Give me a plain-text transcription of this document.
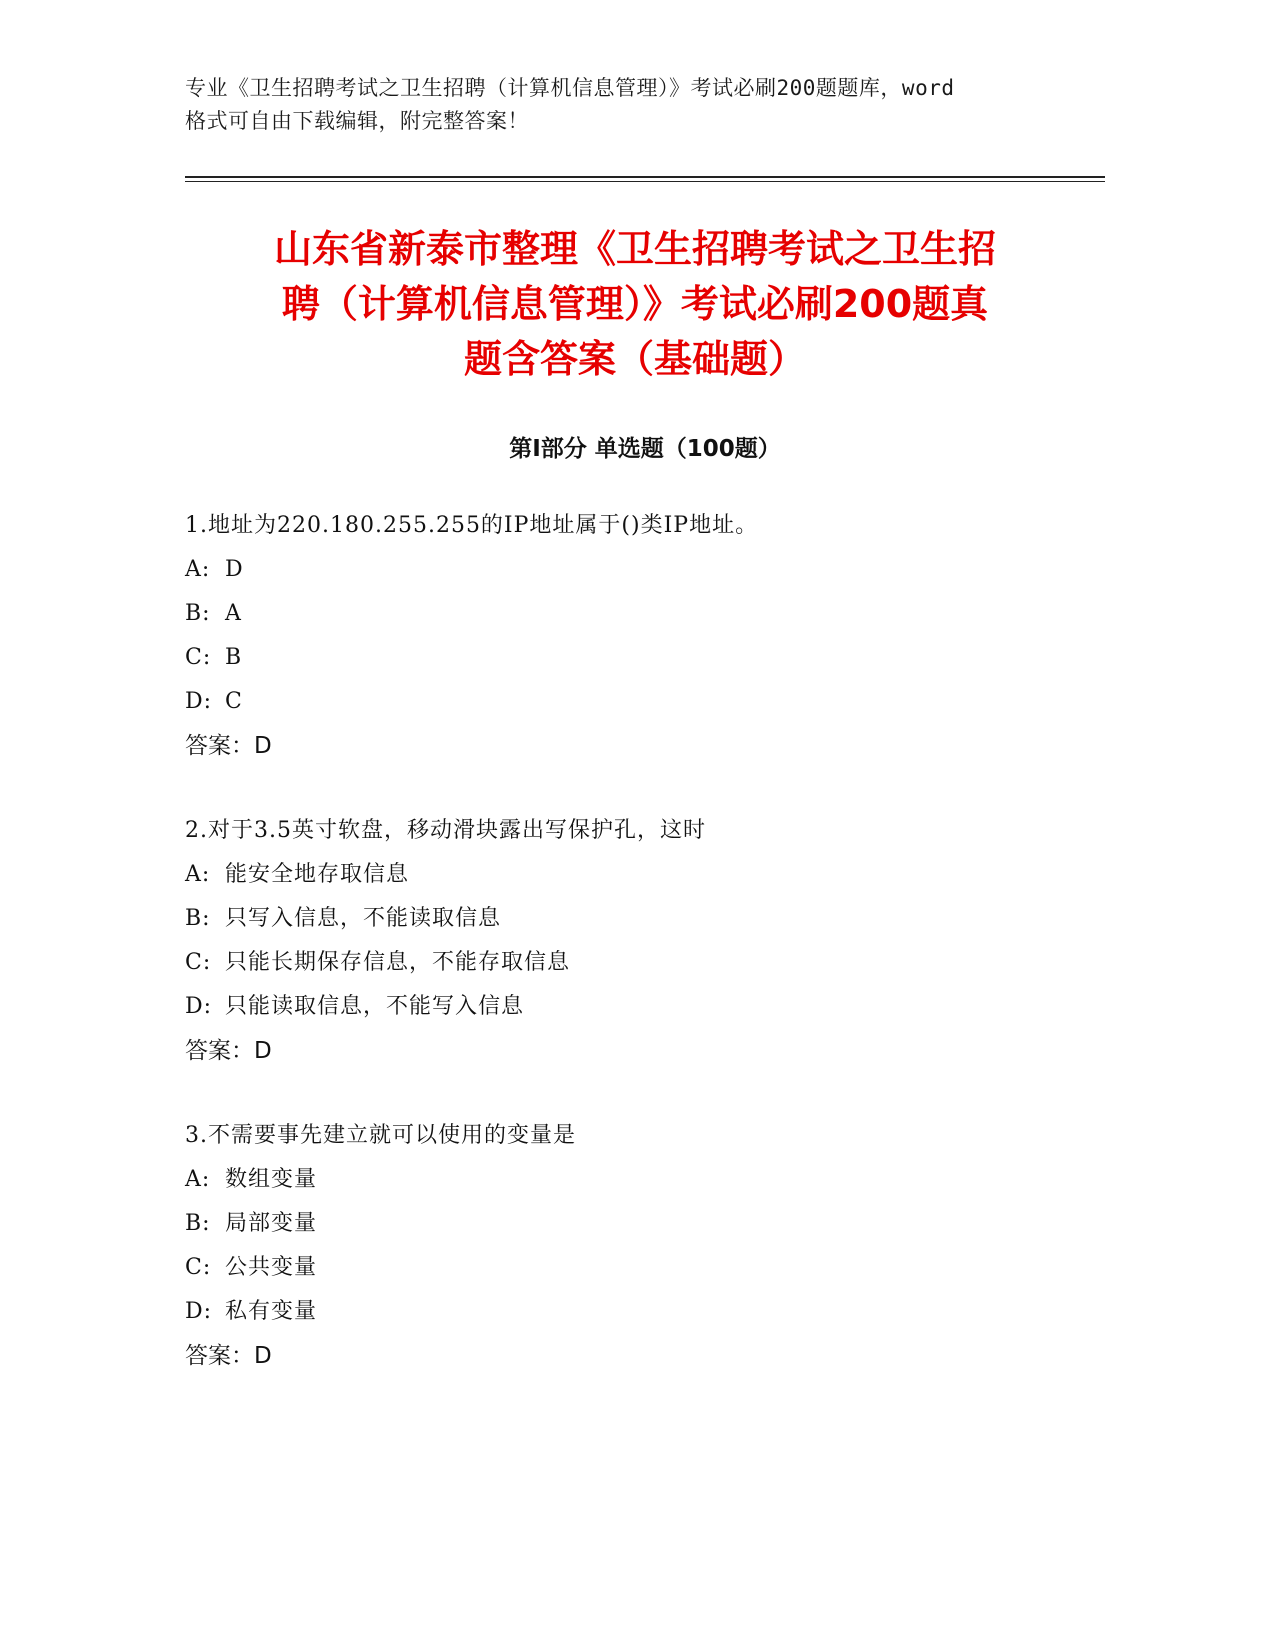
专业《卫生招聘考试之卫生招聘（计算机信息管理）》考试必刷200题题库，word
格式可自由下载编辑，附完整答案！
山东省新泰市整理《卫生招聘考试之卫生招
聘（计算机信息管理）》考试必刷200题真
题含答案（基础题）
第Ⅰ部分 单选题（100题）
1.地址为220.180.255.255的IP地址属于()类IP地址。
A: D
B: A
C: B
D: C
答案：D
2.对于3.5英寸软盘，移动滑块露出写保护孔，这时
A: 能安全地存取信息
B: 只写入信息，不能读取信息
C: 只能长期保存信息，不能存取信息
D: 只能读取信息，不能写入信息
答案：D
3.不需要事先建立就可以使用的变量是
A: 数组变量
B: 局部变量
C: 公共变量
D: 私有变量
答案：D
